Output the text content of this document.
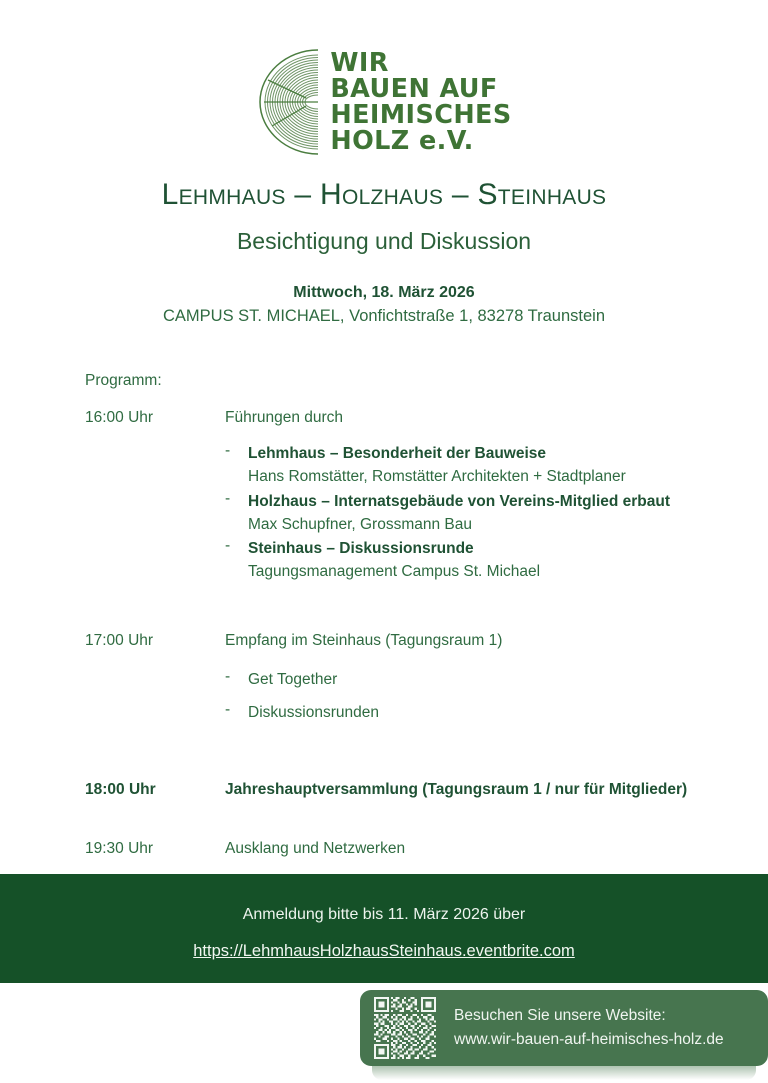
WIR
BAUEN AUF
HEIMISCHES
HOLZ e.V.
Lehmhaus – Holzhaus – Steinhaus
Besichtigung und Diskussion
Mittwoch, 18. März 2026
CAMPUS ST. MICHAEL, Vonfichtstraße 1, 83278 Traunstein
Programm:
16:00 Uhr	Führungen durch
-	Lehmhaus – Besonderheit der Bauweise
Hans Romstätter, Romstätter Architekten + Stadtplaner
-	Holzhaus – Internatsgebäude von Vereins-Mitglied erbaut
Max Schupfner, Grossmann Bau
-	Steinhaus – Diskussionsrunde
Tagungsmanagement Campus St. Michael
17:00 Uhr	Empfang im Steinhaus (Tagungsraum 1)
-	Get Together
-	Diskussionsrunden
18:00 Uhr	Jahreshauptversammlung (Tagungsraum 1 / nur für Mitglieder)
19:30 Uhr	Ausklang und Netzwerken
Anmeldung bitte bis 11. März 2026 über
https://LehmhausHolzhausSteinhaus.eventbrite.com
Besuchen Sie unsere Website:
www.wir-bauen-auf-heimisches-holz.de
